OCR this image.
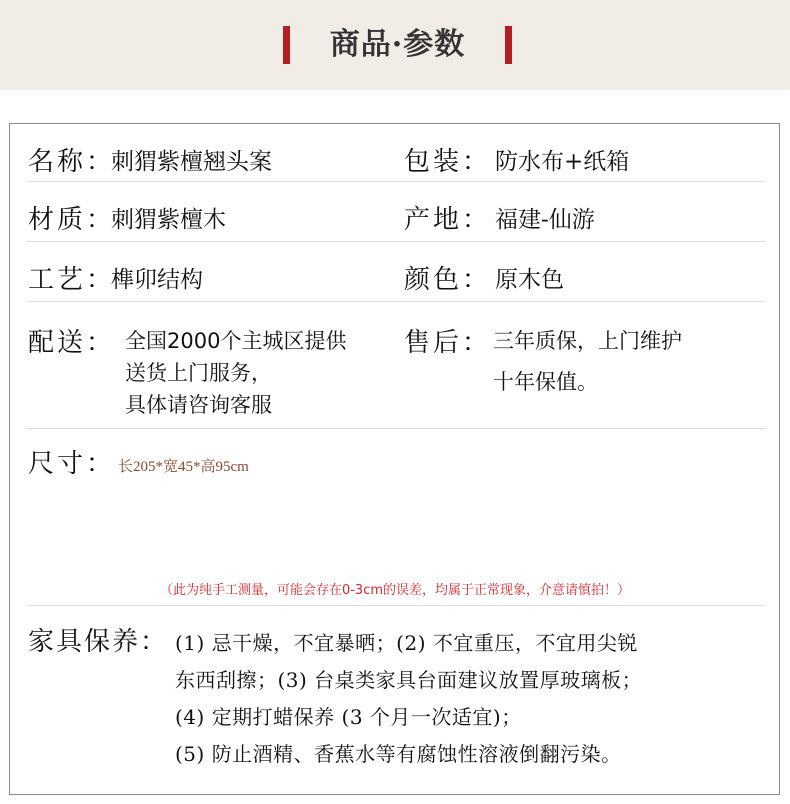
商品·参数
名称：
刺猬紫檀翘头案	包装： 防水布+纸箱
材质：
刺猬紫檀木	产地： 福建-仙游
工艺：
榫卯结构	颜色： 原木色
配送： 全国2000个主城区提供
送货上门服务，
具体请咨询客服
售后： 三年质保，上门维护
十年保值。
尺寸： 长205*宽45*高95cm
（此为纯手工测量，可能会存在0-3cm的误差，均属于正常现象，介意请慎拍！）
家具保养： (1) 忌干燥，不宜暴晒；(2) 不宜重压，不宜用尖锐
东西刮擦；(3) 台桌类家具台面建议放置厚玻璃板；
(4) 定期打蜡保养 (3 个月一次适宜)；
(5) 防止酒精、香蕉水等有腐蚀性溶液倒翻污染。
